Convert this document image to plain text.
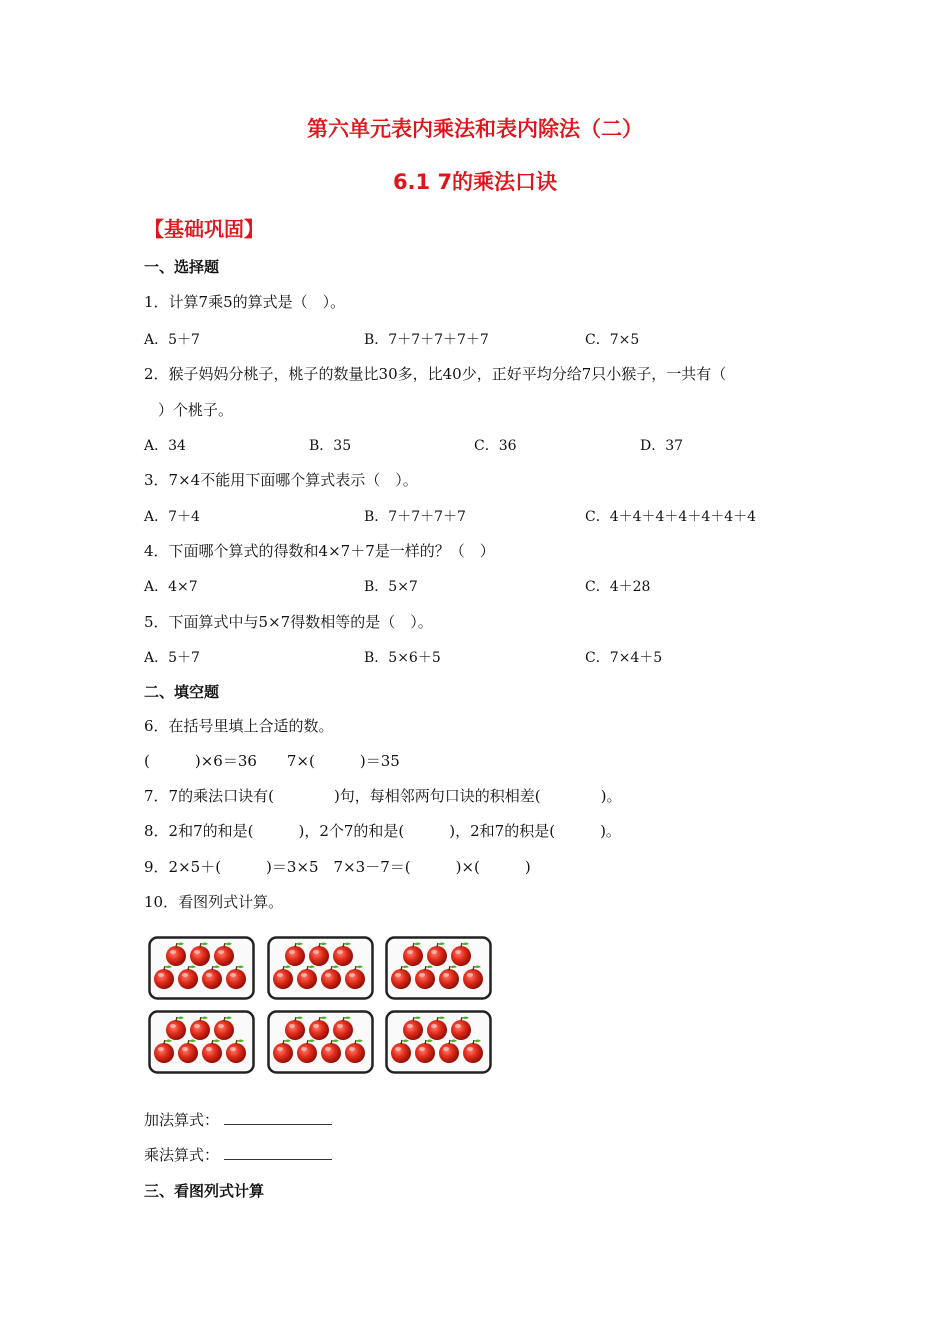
第六单元表内乘法和表内除法（二）
6.1 7的乘法口诀
【基础巩固】
一、选择题
1．计算7乘5的算式是（　）。
A．5＋7	B．7＋7＋7＋7＋7	C．7×5
2．猴子妈妈分桃子，桃子的数量比30多，比40少，正好平均分给7只小猴子，一共有（
）个桃子。
A．34	B．35	C．36	D．37
3．7×4不能用下面哪个算式表示（　）。
A．7＋4	B．7＋7＋7＋7	C．4＋4＋4＋4＋4＋4＋4
4．下面哪个算式的得数和4×7＋7是一样的？（　）
A．4×7	B．5×7	C．4＋28
5．下面算式中与5×7得数相等的是（　）。
A．5＋7	B．5×6＋5	C．7×4＋5
二、填空题
6．在括号里填上合适的数。
(　　　)×6＝36　　7×(　　　)＝35
7．7的乘法口诀有(　　　　)句，每相邻两句口诀的积相差(　　　　)。
8．2和7的和是(　　　)，2个7的和是(　　　)，2和7的积是(　　　)。
9．2×5＋(　　　)＝3×5　7×3－7＝(　　　)×(　　　)
10．看图列式计算。
加法算式：
乘法算式：
三、看图列式计算
